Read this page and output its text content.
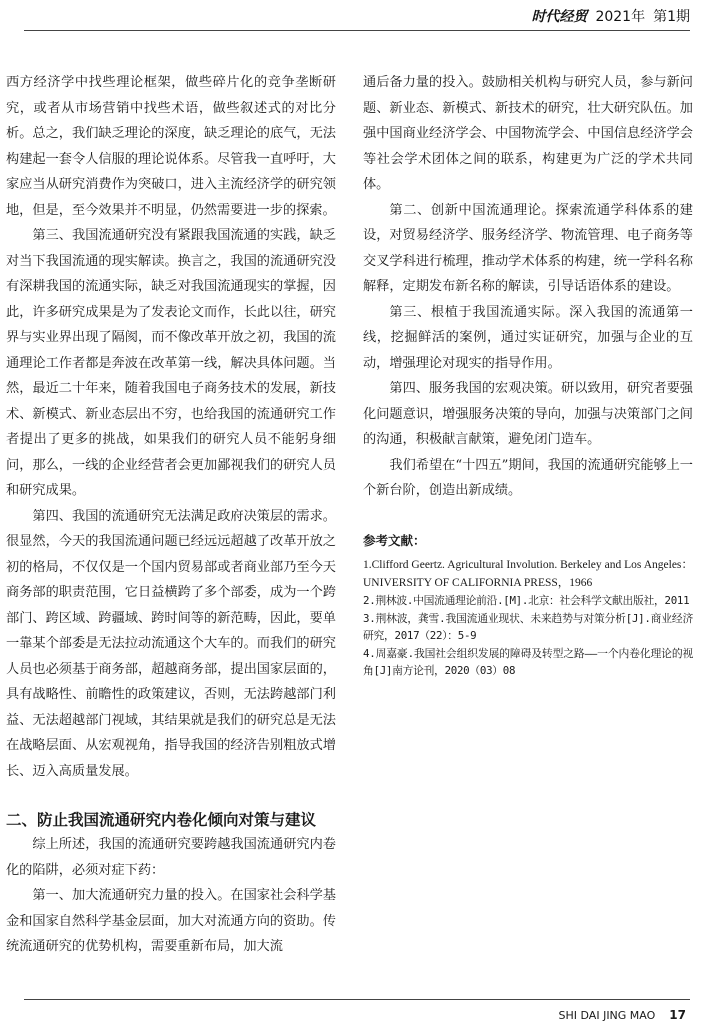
时代经贸 2021年 第1期

西方经济学中找些理论框架，做些碎片化的竞争垄断研究，或者从市场营销中找些术语，做些叙述式的对比分析。总之，我们缺乏理论的深度，缺乏理论的底气，无法构建起一套令人信服的理论说体系。尽管我一直呼吁，大家应当从研究消费作为突破口，进入主流经济学的研究领地，但是，至今效果并不明显，仍然需要进一步的探索。

第三、我国流通研究没有紧跟我国流通的实践，缺乏对当下我国流通的现实解读。换言之，我国的流通研究没有深耕我国的流通实际，缺乏对我国流通现实的掌握，因此，许多研究成果是为了发表论文而作，长此以往，研究界与实业界出现了隔阂，而不像改革开放之初，我国的流通理论工作者都是奔波在改革第一线，解决具体问题。当然，最近二十年来，随着我国电子商务技术的发展，新技术、新模式、新业态层出不穷，也给我国的流通研究工作者提出了更多的挑战，如果我们的研究人员不能躬身细问，那么，一线的企业经营者会更加鄙视我们的研究人员和研究成果。

第四、我国的流通研究无法满足政府决策层的需求。很显然，今天的我国流通问题已经远远超越了改革开放之初的格局，不仅仅是一个国内贸易部或者商业部乃至今天商务部的职责范围，它日益横跨了多个部委，成为一个跨部门、跨区域、跨疆域、跨时间等的新范畴，因此，要单一靠某个部委是无法拉动流通这个大车的。而我们的研究人员也必须基于商务部，超越商务部，提出国家层面的，具有战略性、前瞻性的政策建议，否则，无法跨越部门利益、无法超越部门视域，其结果就是我们的研究总是无法在战略层面、从宏观视角，指导我国的经济告别粗放式增长、迈入高质量发展。

二、防止我国流通研究内卷化倾向对策与建议

综上所述，我国的流通研究要跨越我国流通研究内卷化的陷阱，必须对症下药：

第一、加大流通研究力量的投入。在国家社会科学基金和国家自然科学基金层面，加大对流通方向的资助。传统流通研究的优势机构，需要重新布局，加大流

通后备力量的投入。鼓励相关机构与研究人员，参与新问题、新业态、新模式、新技术的研究，壮大研究队伍。加强中国商业经济学会、中国物流学会、中国信息经济学会等社会学术团体之间的联系，构建更为广泛的学术共同体。

第二、创新中国流通理论。探索流通学科体系的建设，对贸易经济学、服务经济学、物流管理、电子商务等交叉学科进行梳理，推动学术体系的构建，统一学科名称解释，定期发布新名称的解读，引导话语体系的建设。

第三、根植于我国流通实际。深入我国的流通第一线，挖掘鲜活的案例，通过实证研究，加强与企业的互动，增强理论对现实的指导作用。

第四、服务我国的宏观决策。研以致用，研究者要强化问题意识，增强服务决策的导向，加强与决策部门之间的沟通，积极献言献策，避免闭门造车。

我们希望在“十四五”期间，我国的流通研究能够上一个新台阶，创造出新成绩。

参考文献：

1.Clifford Geertz. Agricultural Involution. Berkeley and Los Angeles：UNIVERSITY OF CALIFORNIA PRESS，1966

2.荆林波.中国流通理论前沿.[M].北京：社会科学文献出版社，2011

3.荆林波，龚雪.我国流通业现状、未来趋势与对策分析[J].商业经济研究，2017（22）：5-9

4.周嘉豪.我国社会组织发展的障碍及转型之路——一个内卷化理论的视角[J]南方论刊，2020（03）08

SHI DAI JING MAO 17
